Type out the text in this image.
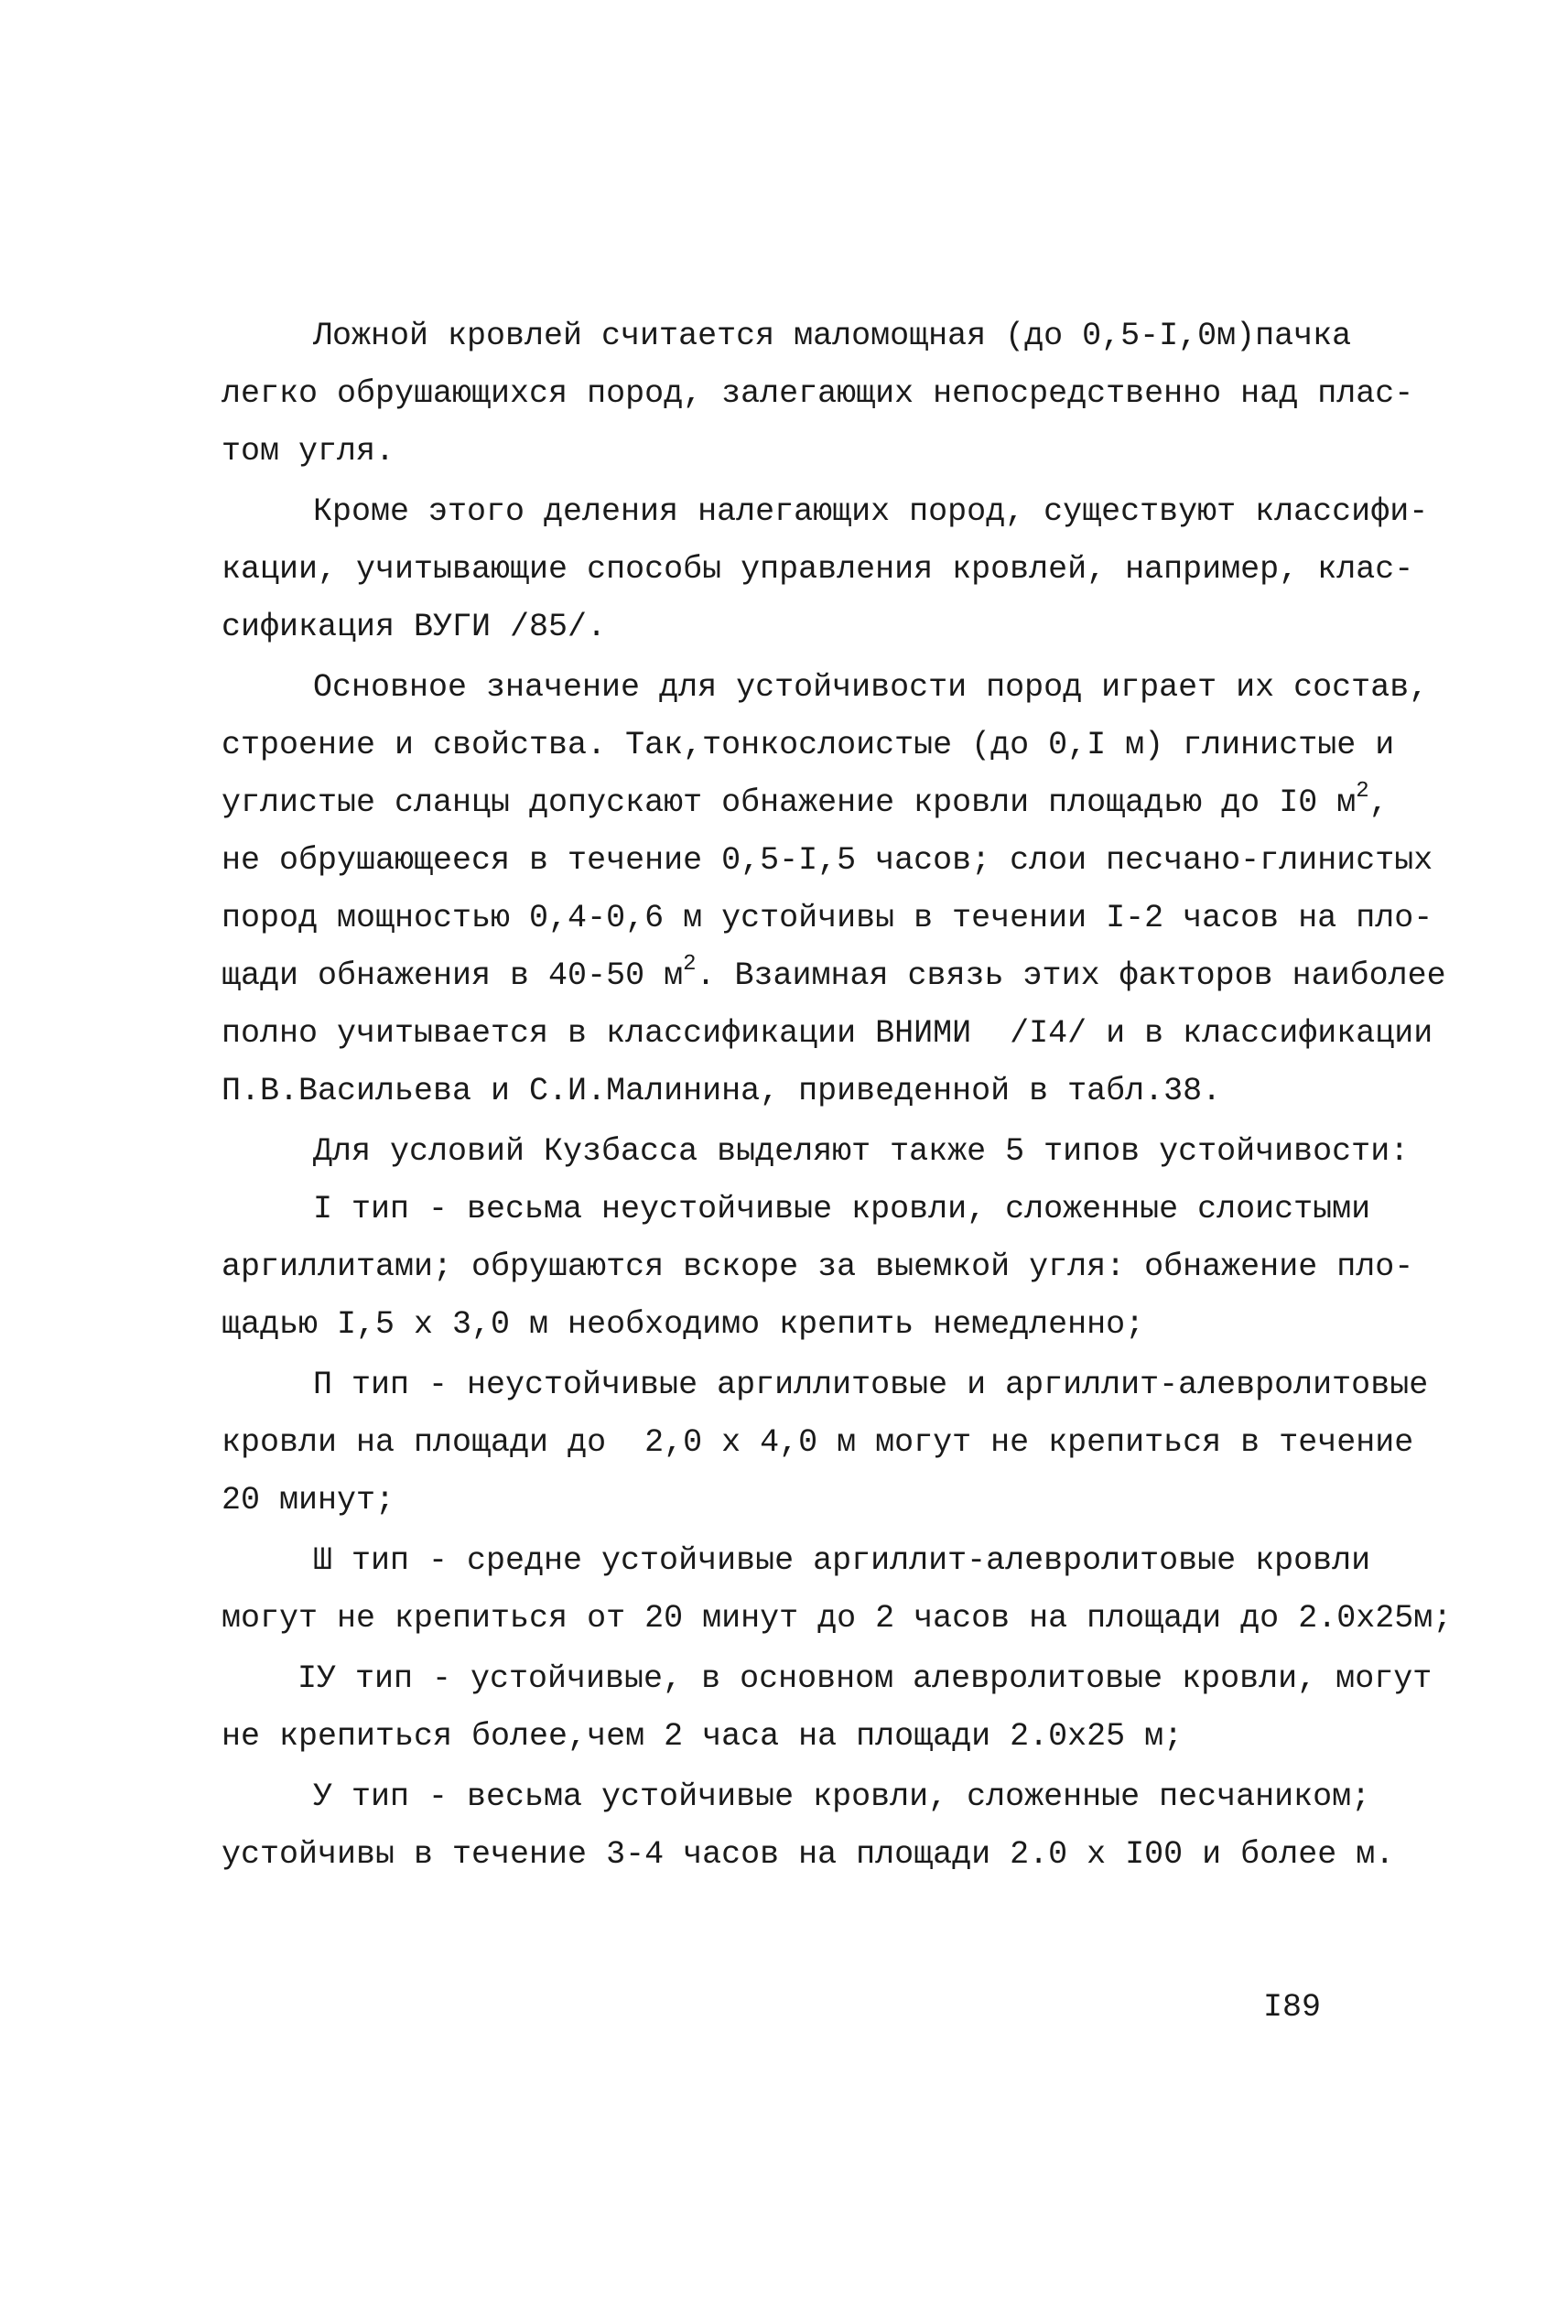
Ложной кровлей считается маломощная (до 0,5-I,0м)пачка
легко обрушающихся пород, залегающих непосредственно над плас-
том угля.
Кроме этого деления налегающих пород, существуют классифи-
кации, учитывающие способы управления кровлей, например, клас-
сификация ВУГИ /85/.
Основное значение для устойчивости пород играет их состав,
строение и свойства. Так,тонкослоистые (до 0,I м) глинистые и
углистые сланцы допускают обнажение кровли площадью до I0 $м^2$,
не обрушающееся в течение 0,5-I,5 часов; слои песчано-глинистых
пород мощностью 0,4-0,6 м устойчивы в течении I-2 часов на пло-
щади обнажения в 40-50 $м^2$. Взаимная связь этих факторов наиболее
полно учитывается в классификации ВНИМИ  /I4/ и в классификации
П.В.Васильева и С.И.Малинина, приведенной в табл.38.
Для условий Кузбасса выделяют также 5 типов устойчивости:
I тип - весьма неустойчивые кровли, сложенные слоистыми
аргиллитами; обрушаются вскоре за выемкой угля: обнажение пло-
щадью I,5 х 3,0 м необходимо крепить немедленно;
П тип - неустойчивые аргиллитовые и аргиллит-алевролитовые
кровли на площади до  2,0 х 4,0 м могут не крепиться в течение
20 минут;
Ш тип - средне устойчивые аргиллит-алевролитовые кровли
могут не крепиться от 20 минут до 2 часов на площади до 2.0х25м;
IУ тип - устойчивые, в основном алевролитовые кровли, могут
не крепиться более,чем 2 часа на площади 2.0х25 м;
У тип - весьма устойчивые кровли, сложенные песчаником;
устойчивы в течение 3-4 часов на площади 2.0 х I00 и более м.
I89
